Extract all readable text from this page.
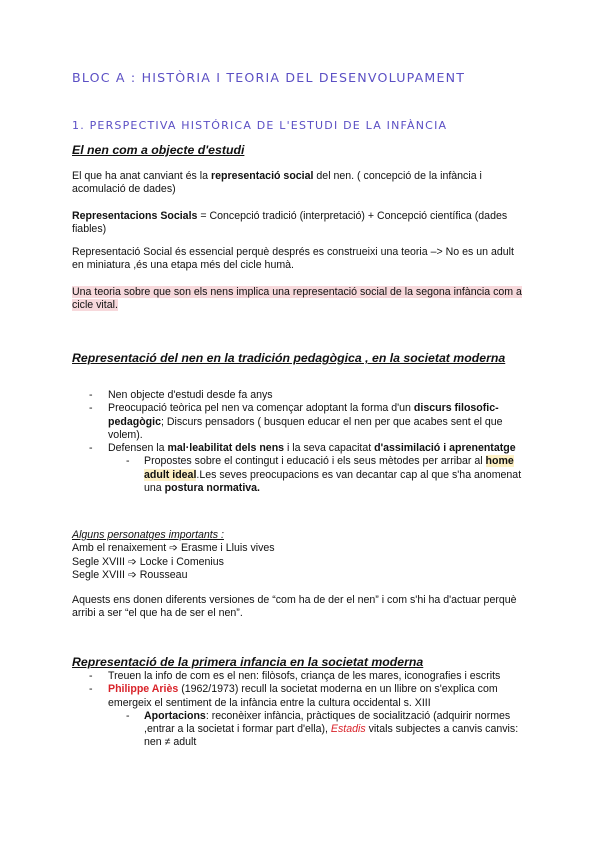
BLOC A : HISTÒRIA I TEORIA DEL DESENVOLUPAMENT
1. PERSPECTIVA HISTÓRICA DE L'ESTUDI DE LA INFÀNCIA
El nen com a objecte d'estudi
El que ha anat canviant és la representació social del nen. ( concepció de la infància i acomulació de dades)
Representacions Socials = Concepció tradició (interpretació) + Concepció científica (dades fiables)
Representació Social és essencial perquè després es construeixi una teoria –> No es un adult en miniatura ,és una etapa més del cicle humà.
Una teoria sobre que son els nens implica una representació social de la segona infància com a cicle vital.
Representació del nen en la tradición pedagògica , en la societat moderna
- Nen objecte d'estudi desde fa anys
- Preocupació teòrica pel nen va començar adoptant la forma d'un discurs filosofic-pedagògic; Discurs pensadors ( busquen educar el nen per que acabes sent el que volem).
- Defensen la mal·leabilitat dels nens i la seva capacitat d'assimilació i aprenentatge
- Propostes sobre el contingut i educació i els seus mètodes per arribar al home adult ideal.Les seves preocupacions es van decantar cap al que s'ha anomenat una postura normativa.
Alguns personatges importants :
Amb el renaixement ➩ Erasme i Lluis vives
Segle XVIII ➩ Locke i Comenius
Segle XVIII ➩ Rousseau
Aquests ens donen diferents versiones de “com ha de der el nen” i com s'hi ha d'actuar perquè arribi a ser “el que ha de ser el nen”.
Representació de la primera infancia en la societat moderna
- Treuen la info de com es el nen: filòsofs, criança de les mares, iconografies i escrits
- Philippe Ariès (1962/1973) recull la societat moderna en un llibre on s'explica com emergeix el sentiment de la infància entre la cultura occidental s. XIII
- Aportacions: reconèixer infància, pràctiques de socialització (adquirir normes ,entrar a la societat i formar part d'ella), Estadis vitals subjectes a canvis canvis: nen ≠ adult
